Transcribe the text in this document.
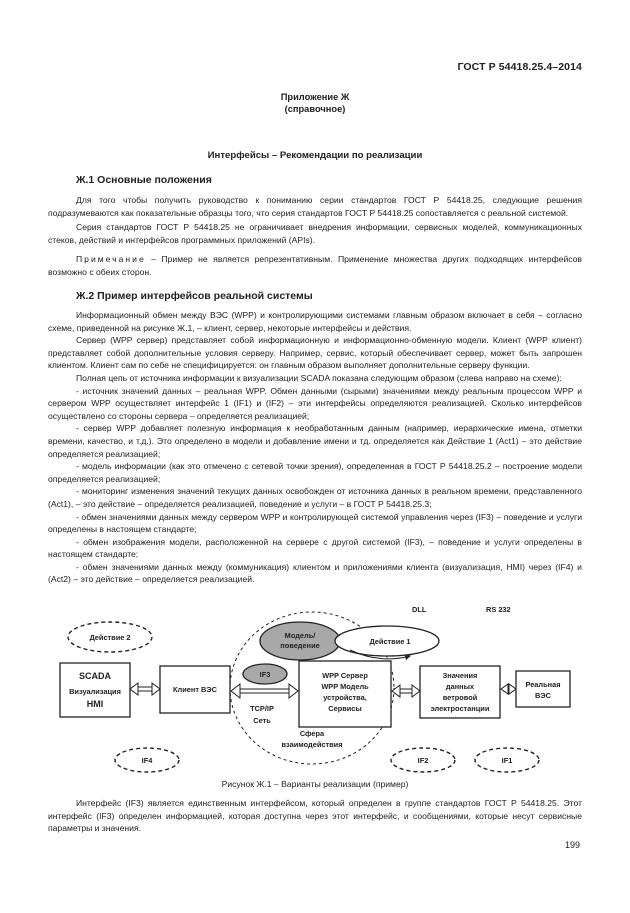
ГОСТ Р 54418.25.4–2014
Приложение Ж
(справочное)
Интерфейсы – Рекомендации по реализации
Ж.1 Основные положения

Для того чтобы получить руководство к пониманию серии стандартов ГОСТ Р 54418.25, следующие решения подразумеваются как показательные образцы того, что серия стандартов ГОСТ Р 54418.25 сопоставляется с реальной системой.

Серия стандартов ГОСТ Р 54418.25 не ограничивает внедрения информации, сервисных моделей, коммуникационных стеков, действий и интерфейсов программных приложений (APIs).

Примечание – Пример не является репрезентативным. Применение множества других подходящих интерфейсов возможно с обеих сторон.

Ж.2 Пример интерфейсов реальной системы

Информационный обмен между ВЭС (WPP) и контролирующими системами главным образом включает в себя – согласно схеме, приведенной на рисунке Ж.1, – клиент, сервер, некоторые интерфейсы и действия.

Сервер (WPP сервер) представляет собой информационную и информационно-обменную модели. Клиент (WPP клиент) представляет собой дополнительные условия серверу. Например, сервис, который обеспечивает сервер, может быть запрошен клиентом. Клиент сам по себе не специфицируется: он главным образом выполняет дополнительные серверу функции.

Полная цепь от источника информации к визуализации SCADA показана следующим образом (слева направо на схеме):

- источник значений данных – реальная WPP. Обмен данными (сырыми) значениями между реальным процессом WPP и сервером WPP осуществляет интерфейс 1 (IF1) и (IF2) – эти интерфейсы определяются реализацией. Сколько интерфейсов осуществлено со стороны сервера – определяется реализацией;

- сервер WPP добавляет полезную информация к необработанным данным (например, иерархические имена, отметки времени, качество, и т.д.). Это определено в модели и добавление имени и тд. определяется как Действие 1 (Act1) – это действие определяется реализацией;

- модель информации (как это отмечено с сетевой точки зрения), определенная в ГОСТ Р 54418.25.2 – построение модели определяется реализацией;

- мониторинг изменения значений текущих данных освобожден от источника данных в реальном времени, представленного (Act1), – это действие – определяется реализацией, поведение и услуги – в ГОСТ Р 54418.25.3;

- обмен значениями данных между сервером WPP и контролирующей системой управления через (IF3) – поведение и услуги определены в настоящем стандарте;

- обмен изображения модели, расположенной на сервере с другой системой (IF3), – поведение и услуги определены в настоящем стандарте;

- обмен значениями данных между (коммуникация) клиентом и приложениями клиента (визуализация, HMI) через (IF4) и (Act2) – это действие – определяется реализацией.

DLL	RS 232
Действие 2	Модель/
поведение	Действие 1
SCADA
Визуализация
HMI
Клиент ВЭС
IF3
TCP/IP
Сеть
WPP Сервер
WPP Модель
устройства,
Сервисы
Значения
данных
ветровой
электростанции
Реальная
ВЭС
Сфера
взаимодействия
IF4	IF2	IF1
Рисунок Ж.1 – Варианты реализации (пример)

Интерфейс (IF3) является единственным интерфейсом, который определен в группе стандартов ГОСТ Р 54418.25. Этот интерфейс (IF3) определен информацией, которая доступна через этот интерфейс, и сообщениями, которые несут сервисные параметры и значения.

199
